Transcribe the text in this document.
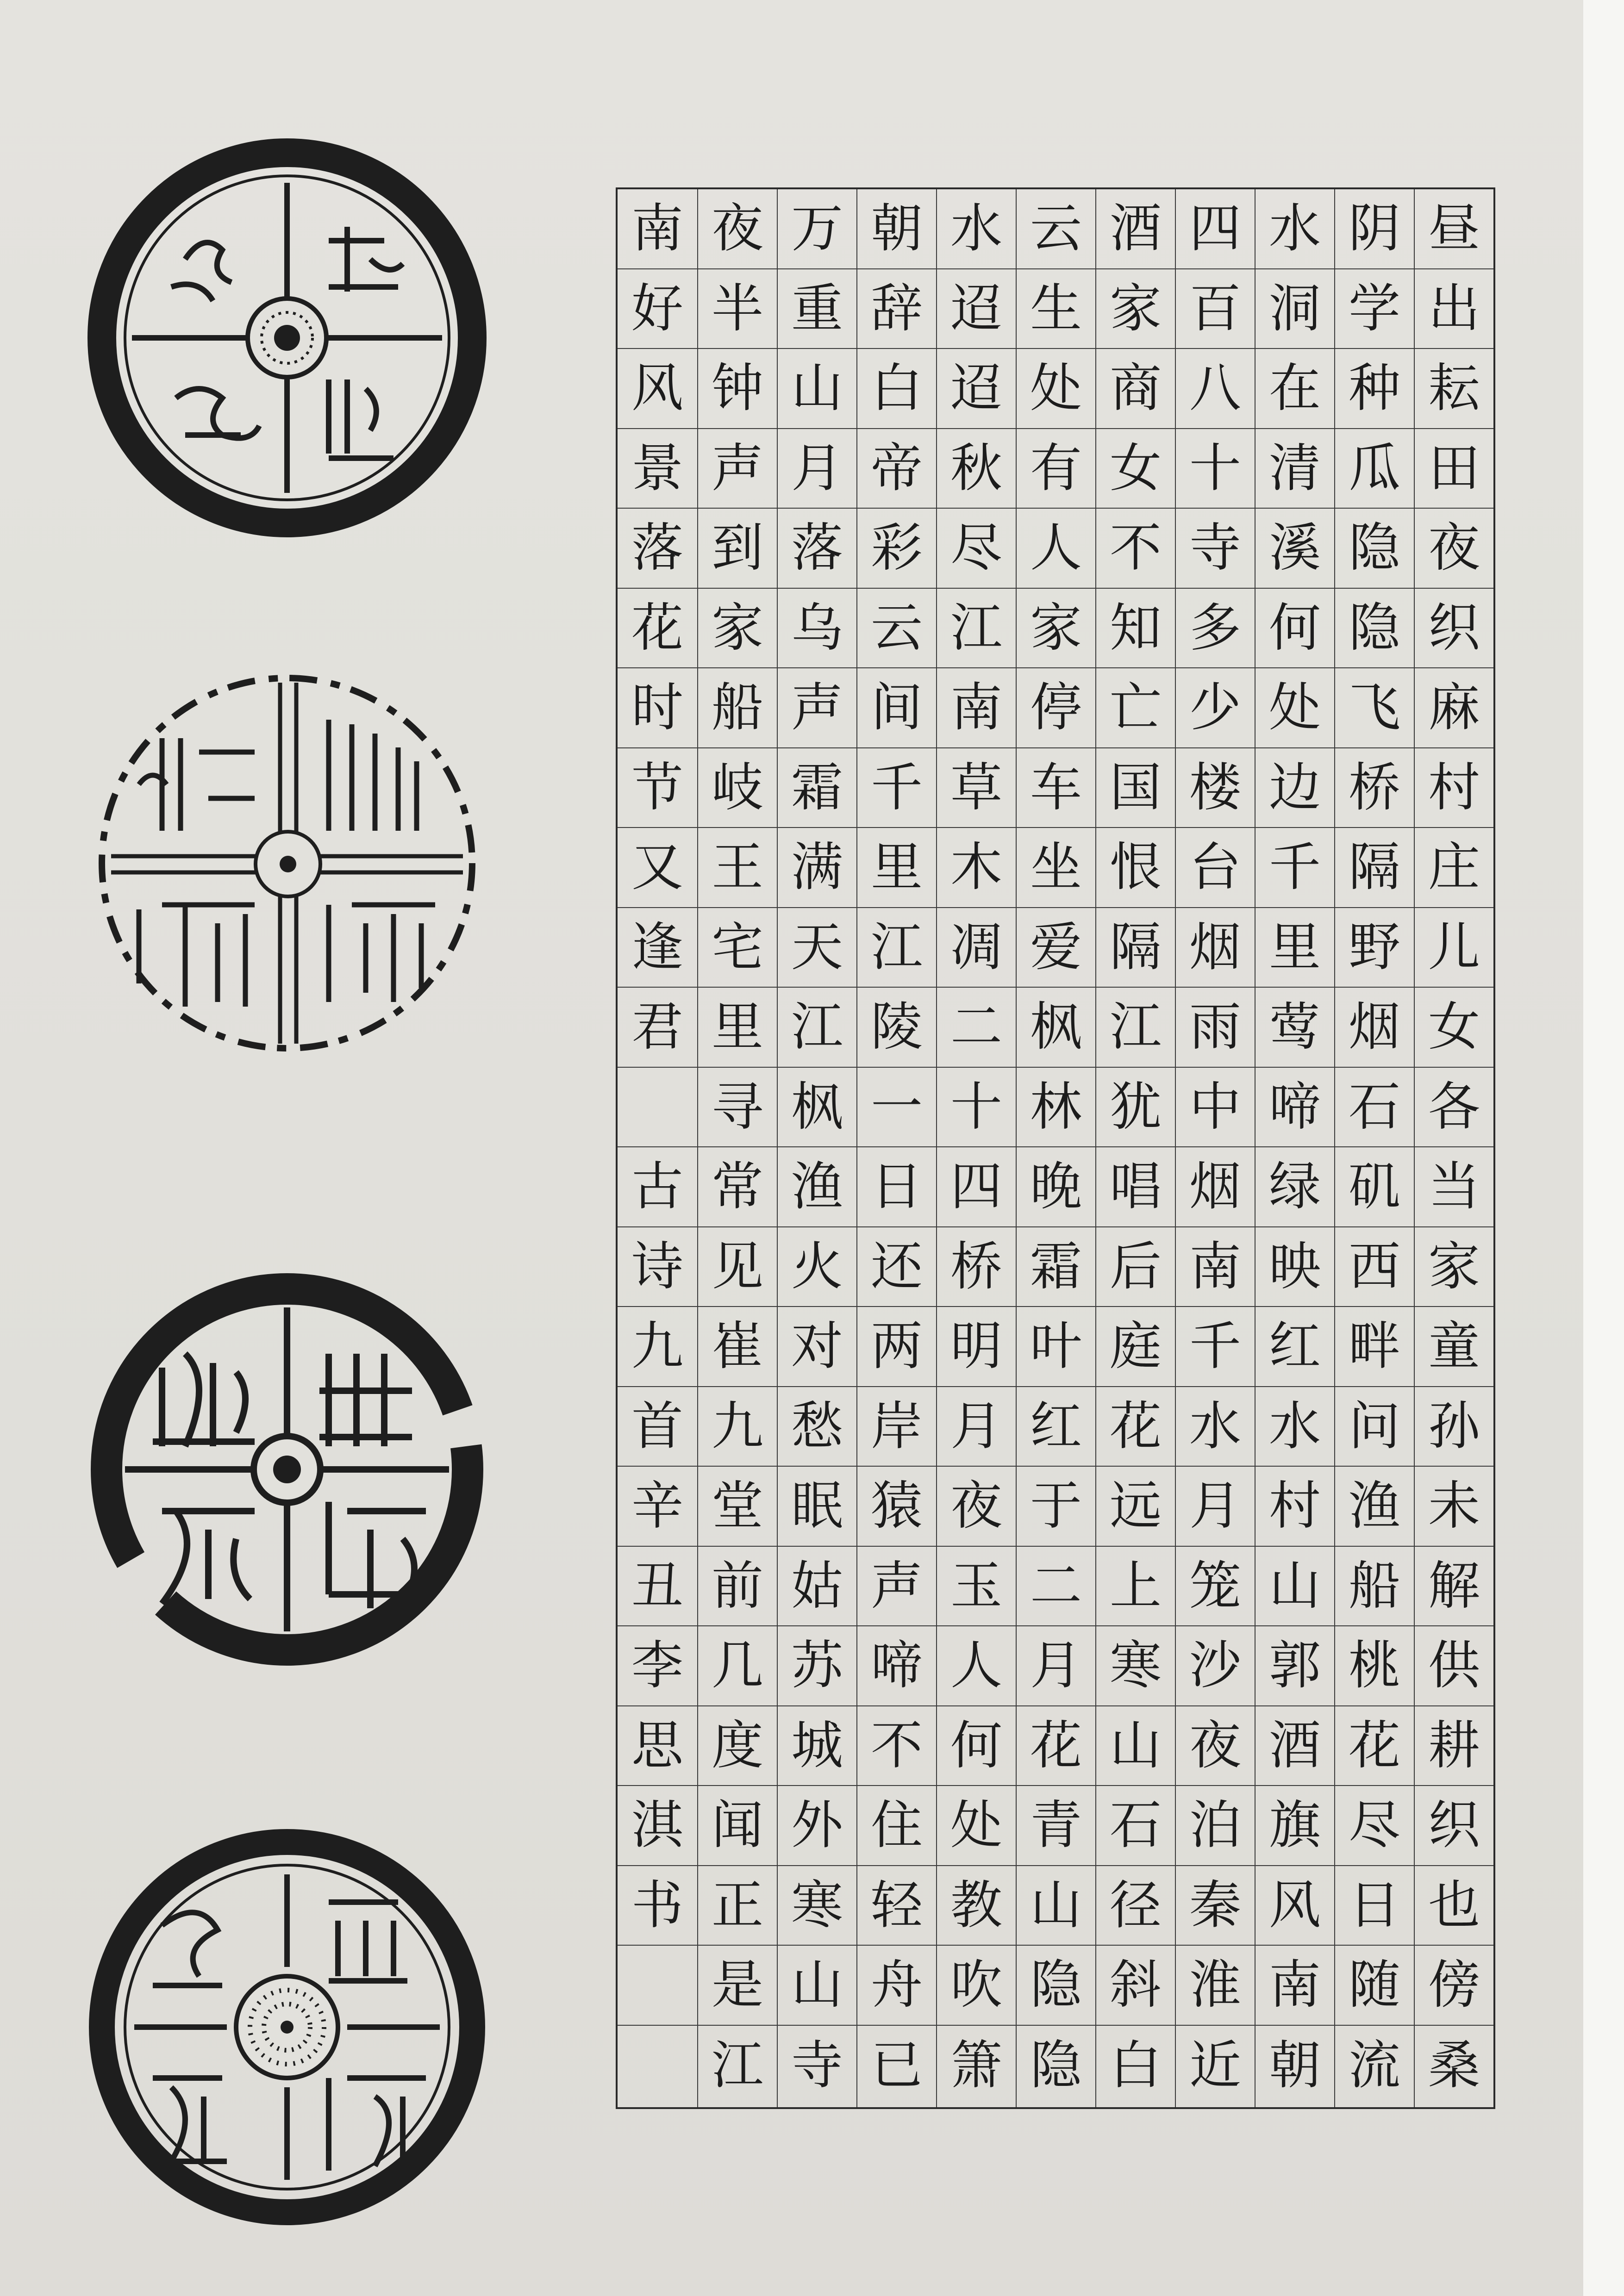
昼
出
耘
田
夜
织
麻
村
庄
儿
女
各
当
家
童
孙
未
解
供
耕
织
也
傍
桑
阴
学
种
瓜
隐
隐
飞
桥
隔
野
烟
石
矶
西
畔
问
渔
船
桃
花
尽
日
随
流
水
洞
在
清
溪
何
处
边
千
里
莺
啼
绿
映
红
水
村
山
郭
酒
旗
风
南
朝
四
百
八
十
寺
多
少
楼
台
烟
雨
中
烟
南
千
水
月
笼
沙
夜
泊
秦
淮
近
酒
家
商
女
不
知
亡
国
恨
隔
江
犹
唱
后
庭
花
远
上
寒
山
石
径
斜
白
云
生
处
有
人
家
停
车
坐
爱
枫
林
晚
霜
叶
红
于
二
月
花
青
山
隐
隐
水
迢
迢
秋
尽
江
南
草
木
凋
二
十
四
桥
明
月
夜
玉
人
何
处
教
吹
箫
朝
辞
白
帝
彩
云
间
千
里
江
陵
一
日
还
两
岸
猿
声
啼
不
住
轻
舟
已
万
重
山
月
落
乌
声
霜
满
天
江
枫
渔
火
对
愁
眠
姑
苏
城
外
寒
山
寺
夜
半
钟
声
到
家
船
岐
王
宅
里
寻
常
见
崔
九
堂
前
几
度
闻
正
是
江
南
好
风
景
落
花
时
节
又
逢
君
古
诗
九
首
辛
丑
李
思
淇
书
